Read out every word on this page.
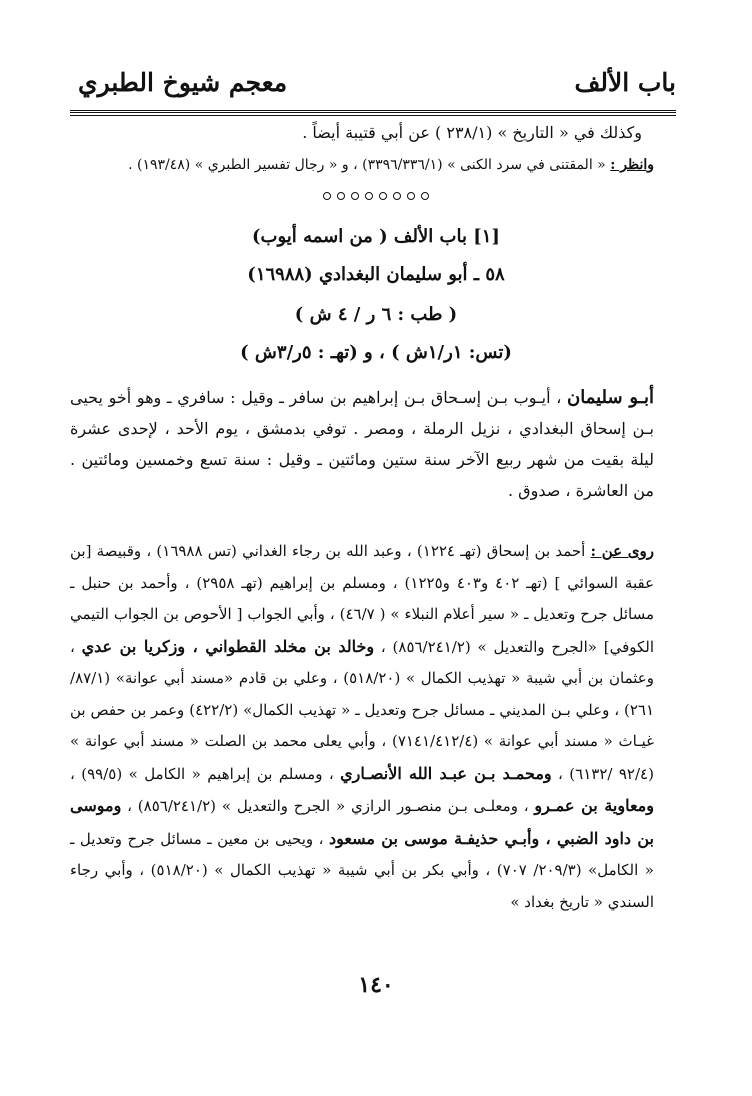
باب الألف
معجم شيوخ الطبري
وكذلك في « التاريخ » (٢٣٨/١ ) عن أبي قتيبة أيضاً .
وانظر : « المقتنى في سرد الكنى » (٣٣٩٦/٣٣٦/١) ، و « رجال تفسير الطبري » (١٩٣/٤٨) .
[١] باب الألف ( من اسمه أيوب)
٥٨ ـ أبو سليمان البغدادي (١٦٩٨٨)
( طب : ٦ ر / ٤ ش )
(تس: ١ر/١ش ) ، و (تهـ : ٥ر/٣ش )
أبـو سليمان ، أيـوب بـن إسـحاق بـن إبراهيم بن سافر ـ وقيل : سافري ـ وهو أخو يحيى بـن إسحاق البغدادي ، نزيل الرملة ، ومصر . توفي بدمشق ، يوم الأحد ، لإحدى عشرة ليلة بقيت من شهر ربيع الآخر سنة ستين ومائتين ـ وقيل : سنة تسع وخمسين ومائتين . من العاشرة ، صدوق .
روى عن : أحمد بن إسحاق (تهـ ١٢٢٤) ، وعبد الله بن رجاء الغداني (تس ١٦٩٨٨) ، وقبيصة [بن عقبة السوائي ] (تهـ ٤٠٢ و٤٠٣ و١٢٢٥) ، ومسلم بن إبراهيم (تهـ ٢٩٥٨) ، وأحمد بن حنبل ـ مسائل جرح وتعديل ـ « سير أعلام النبلاء » ( ٤٦/٧) ، وأبي الجواب [ الأحوص بن الجواب التيمي الكوفي] «الجرح والتعديل » (٨٥٦/٢٤١/٢) ، وخالد بن مخلد القطواني ، وزكريا بن عدي ، وعثمان بن أبي شيبة « تهذيب الكمال » (٥١٨/٢٠) ، وعلي بن قادم «مسند أبي عوانة» (٨٧/١/ ٢٦١) ، وعلي بـن المديني ـ مسائل جرح وتعديل ـ « تهذيب الكمال» (٤٢٢/٢) وعمر بن حفص بن غيـاث « مسند أبي عوانة » (٧١٤١/٤١٢/٤) ، وأبي يعلى محمد بن الصلت « مسند أبي عوانة » (٩٢/٤ /٦١٣٢) ، ومحمـد بـن عبـد الله الأنصـاري ، ومسلم بن إبراهيم « الكامل » (٩٩/٥) ، ومعاوية بن عمـرو ، ومعلـى بـن منصـور الرازي « الجرح والتعديل » (٨٥٦/٢٤١/٢) ، وموسى بن داود الضبي ، وأبـي حذيفـة موسى بن مسعود ، ويحيى بن معين ـ مسائل جرح وتعديل ـ « الكامل» (٢٠٩/٣/ ٧٠٧) ، وأبي بكر بن أبي شيبة « تهذيب الكمال » (٥١٨/٢٠) ، وأبي رجاء السندي « تاريخ بغداد »
١٤٠
